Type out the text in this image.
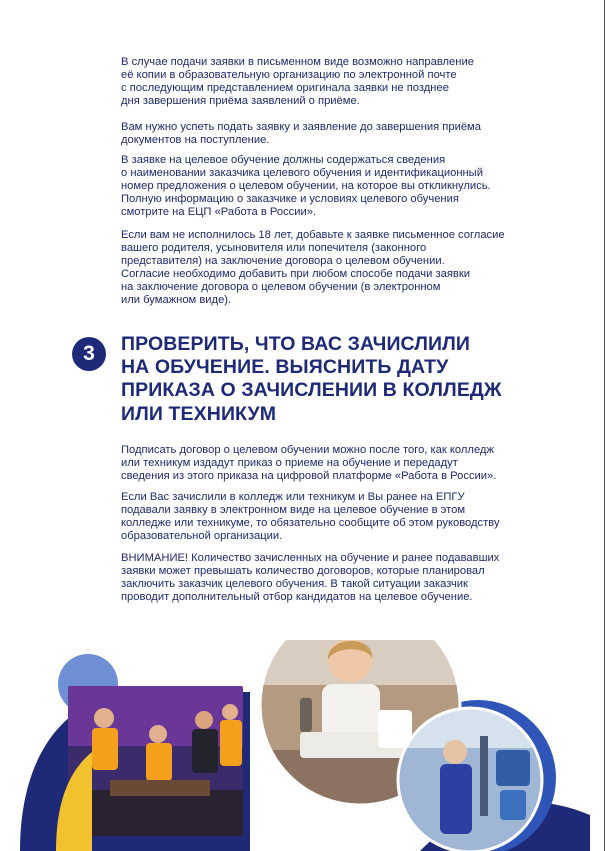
В случае подачи заявки в письменном виде возможно направление
её копии в образовательную организацию по электронной почте
с последующим представлением оригинала заявки не позднее
дня завершения приёма заявлений о приёме.

Вам нужно успеть подать заявку и заявление до завершения приёма
документов на поступление.

В заявке на целевое обучение должны содержаться сведения
о наименовании заказчика целевого обучения и идентификационный
номер предложения о целевом обучении, на которое вы откликнулись.
Полную информацию о заказчике и условиях целевого обучения
смотрите на ЕЦП «Работа в России».

Если вам не исполнилось 18 лет, добавьте к заявке письменное согласие
вашего родителя, усыновителя или попечителя (законного
представителя) на заключение договора о целевом обучении.
Согласие необходимо добавить при любом способе подачи заявки
на заключение договора о целевом обучении (в электронном
или бумажном виде).

3	ПРОВЕРИТЬ, ЧТО ВАС ЗАЧИСЛИЛИ
НА ОБУЧЕНИЕ. ВЫЯСНИТЬ ДАТУ
ПРИКАЗА О ЗАЧИСЛЕНИИ В КОЛЛЕДЖ
ИЛИ ТЕХНИКУМ

Подписать договор о целевом обучении можно после того, как колледж
или техникум издадут приказ о приеме на обучение и передадут
сведения из этого приказа на цифровой платформе «Работа в России».

Если Вас зачислили в колледж или техникум и Вы ранее на ЕПГУ
подавали заявку в электронном виде на целевое обучение в этом
колледже или техникуме, то обязательно сообщите об этом руководству
образовательной организации.

ВНИМАНИЕ! Количество зачисленных на обучение и ранее подававших
заявки может превышать количество договоров, которые планировал
заключить заказчик целевого обучения. В такой ситуации заказчик
проводит дополнительный отбор кандидатов на целевое обучение.

3
